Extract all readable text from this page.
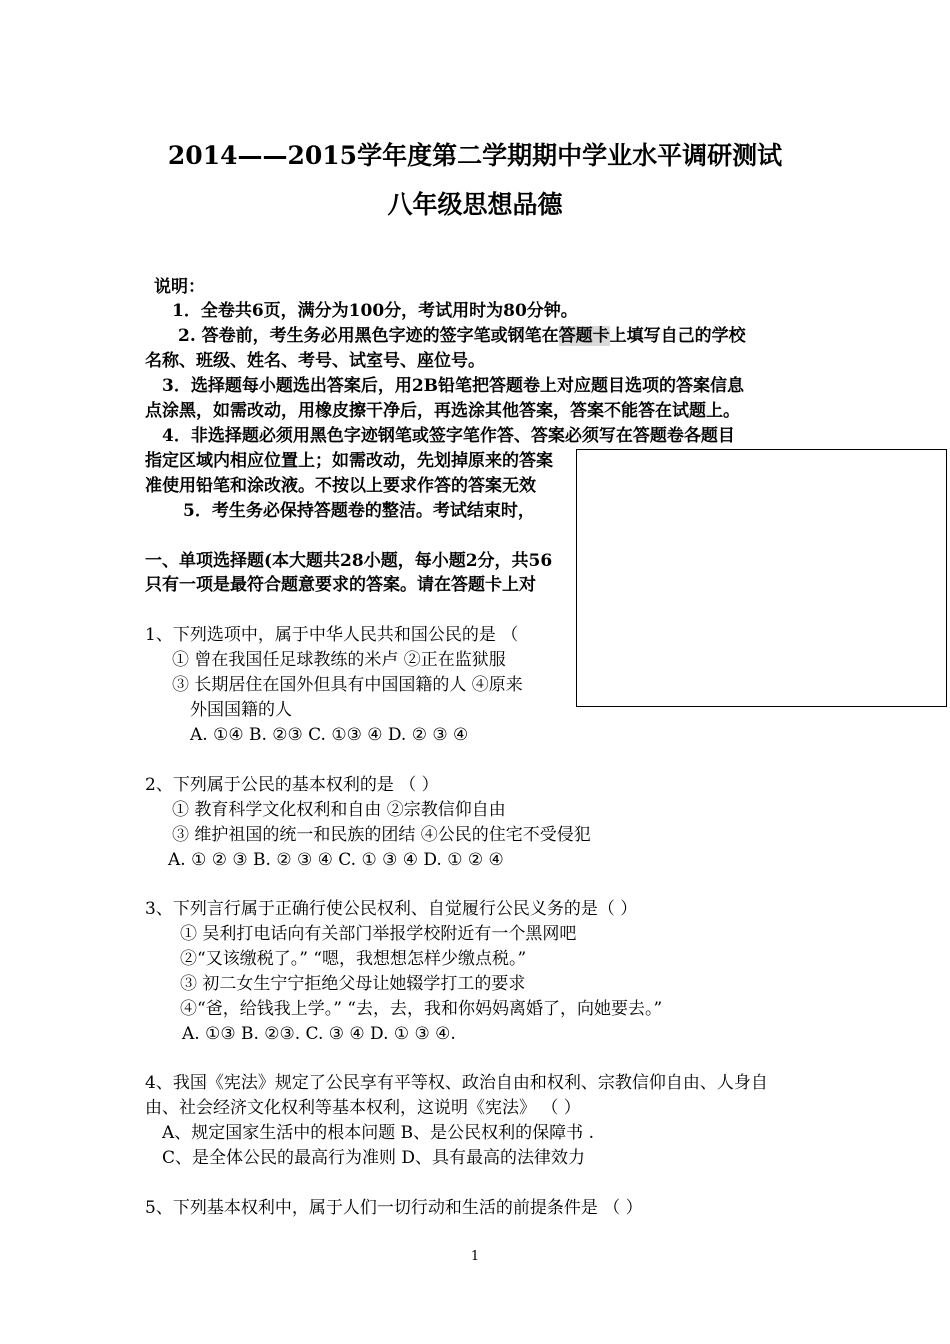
2014——2015学年度第二学期期中学业水平调研测试
八年级思想品德
说明：
1．全卷共6页，满分为100分，考试用时为80分钟。
2. 答卷前，考生务必用黑色字迹的签字笔或钢笔在答题卡上填写自己的学校
名称、班级、姓名、考号、试室号、座位号。
3．选择题每小题选出答案后，用2B铅笔把答题卷上对应题目选项的答案信息
点涂黑，如需改动，用橡皮擦干净后，再选涂其他答案，答案不能答在试题上。
4．非选择题必须用黑色字迹钢笔或签字笔作答、答案必须写在答题卷各题目
指定区域内相应位置上；如需改动，先划掉原来的答案
准使用铅笔和涂改液。不按以上要求作答的答案无效
5．考生务必保持答题卷的整洁。考试结束时，
一、单项选择题(本大题共28小题，每小题2分，共56
只有一项是最符合题意要求的答案。请在答题卡上对
1、下列选项中，属于中华人民共和国公民的是 （
① 曾在我国任足球教练的米卢 ②正在监狱服
③ 长期居住在国外但具有中国国籍的人 ④原来
外国国籍的人
A. ①④ B. ②③ C. ①③ ④ D. ② ③ ④
2、下列属于公民的基本权利的是 （ ）
① 教育科学文化权利和自由 ②宗教信仰自由
③ 维护祖国的统一和民族的团结 ④公民的住宅不受侵犯
A. ① ② ③ B. ② ③ ④ C. ① ③ ④ D. ① ② ④
3、下列言行属于正确行使公民权利、自觉履行公民义务的是（ ）
① 吴利打电话向有关部门举报学校附近有一个黑网吧
②“又该缴税了。” “嗯，我想想怎样少缴点税。”
③ 初二女生宁宁拒绝父母让她辍学打工的要求
④“爸，给钱我上学。” “去，去，我和你妈妈离婚了，向她要去。”
A. ①③ B. ②③. C. ③ ④ D. ① ③ ④.
4、我国《宪法》规定了公民享有平等权、政治自由和权利、宗教信仰自由、人身自
由、社会经济文化权利等基本权利，这说明《宪法》 （ ）
A、规定国家生活中的根本问题 B、是公民权利的保障书 .
C、是全体公民的最高行为准则 D、具有最高的法律效力
5、下列基本权利中，属于人们一切行动和生活的前提条件是 （ ）
1
